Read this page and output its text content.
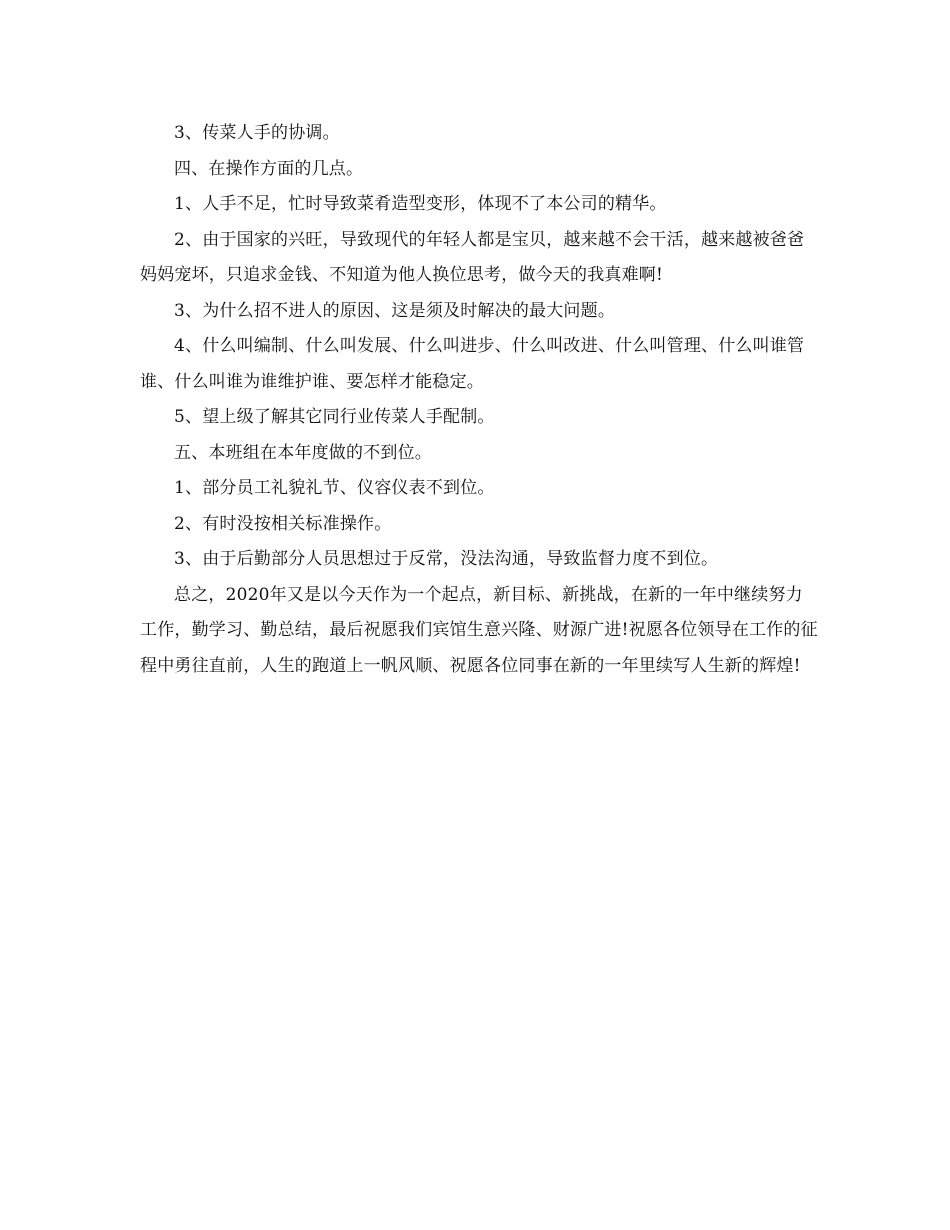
3、传菜人手的协调。

四、在操作方面的几点。

1、人手不足，忙时导致菜肴造型变形，体现不了本公司的精华。

2、由于国家的兴旺，导致现代的年轻人都是宝贝，越来越不会干活，越来越被爸爸妈妈宠坏，只追求金钱、不知道为他人换位思考，做今天的我真难啊!

3、为什么招不进人的原因、这是须及时解决的最大问题。

4、什么叫编制、什么叫发展、什么叫进步、什么叫改进、什么叫管理、什么叫谁管谁、什么叫谁为谁维护谁、要怎样才能稳定。

5、望上级了解其它同行业传菜人手配制。

五、本班组在本年度做的不到位。

1、部分员工礼貌礼节、仪容仪表不到位。

2、有时没按相关标准操作。

3、由于后勤部分人员思想过于反常，没法沟通，导致监督力度不到位。

总之，2020年又是以今天作为一个起点，新目标、新挑战，在新的一年中继续努力工作，勤学习、勤总结，最后祝愿我们宾馆生意兴隆、财源广进!祝愿各位领导在工作的征程中勇往直前，人生的跑道上一帆风顺、祝愿各位同事在新的一年里续写人生新的辉煌!
